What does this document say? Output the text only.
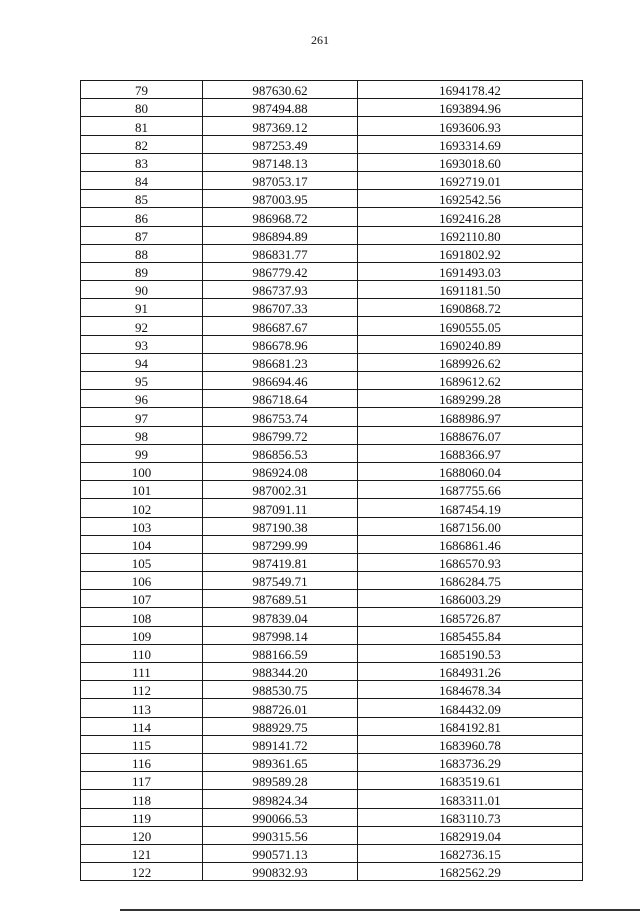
261
79	987630.62	1694178.42
80	987494.88	1693894.96
81	987369.12	1693606.93
82	987253.49	1693314.69
83	987148.13	1693018.60
84	987053.17	1692719.01
85	987003.95	1692542.56
86	986968.72	1692416.28
87	986894.89	1692110.80
88	986831.77	1691802.92
89	986779.42	1691493.03
90	986737.93	1691181.50
91	986707.33	1690868.72
92	986687.67	1690555.05
93	986678.96	1690240.89
94	986681.23	1689926.62
95	986694.46	1689612.62
96	986718.64	1689299.28
97	986753.74	1688986.97
98	986799.72	1688676.07
99	986856.53	1688366.97
100	986924.08	1688060.04
101	987002.31	1687755.66
102	987091.11	1687454.19
103	987190.38	1687156.00
104	987299.99	1686861.46
105	987419.81	1686570.93
106	987549.71	1686284.75
107	987689.51	1686003.29
108	987839.04	1685726.87
109	987998.14	1685455.84
110	988166.59	1685190.53
111	988344.20	1684931.26
112	988530.75	1684678.34
113	988726.01	1684432.09
114	988929.75	1684192.81
115	989141.72	1683960.78
116	989361.65	1683736.29
117	989589.28	1683519.61
118	989824.34	1683311.01
119	990066.53	1683110.73
120	990315.56	1682919.04
121	990571.13	1682736.15
122	990832.93	1682562.29
